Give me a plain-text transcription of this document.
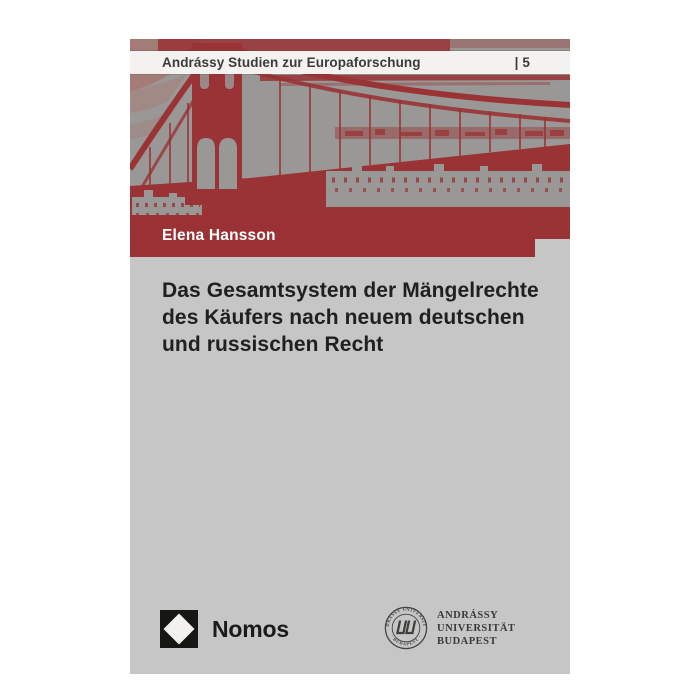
Andrássy Studien zur Europaforschung	| 5
Elena Hansson
Das Gesamtsystem der Mängelrechte
des Käufers nach neuem deutschen
und russischen Recht
Nomos	ANDRÁSSY UNIVERSITÄT
· BUDAPEST ·
ANDRÁSSY
UNIVERSITÄT
BUDAPEST
